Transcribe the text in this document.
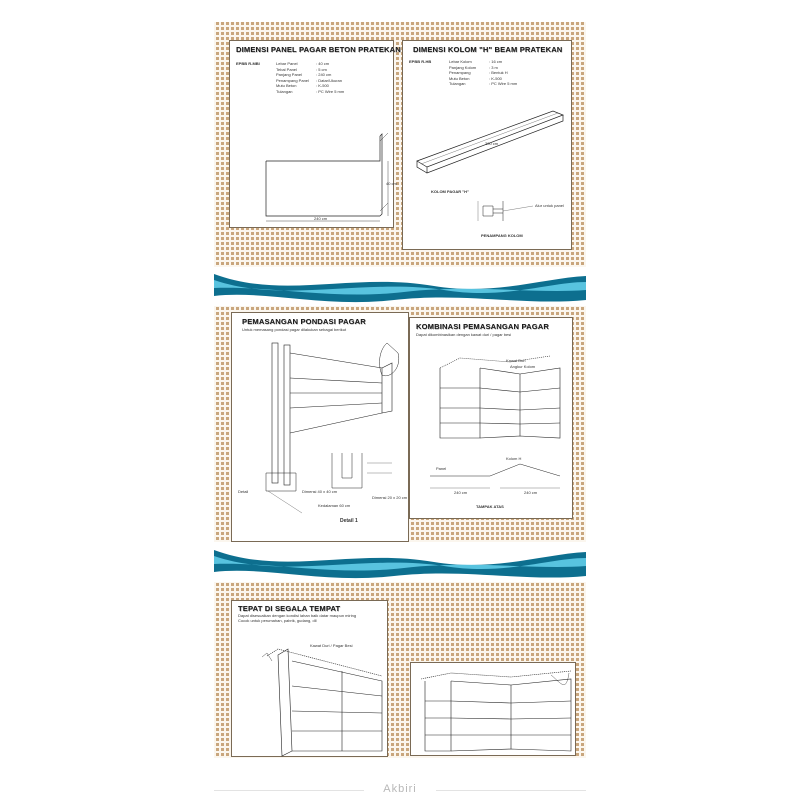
DIMENSI PANEL PAGAR BETON PRATEKAN
EPBB R-MBI	Lebar Panel	: 40 cm
Tebal Panel	: 5 cm
Panjang Panel	: 240 cm
Penampang Panel : Datar/Ukuran
Mutu Beton	: K-500
Tulangan	: PC Wire 5 mm
240 cm
40 cm
DIMENSI KOLOM "H" BEAM PRATEKAN
EPBB R-HB	Lebar Kolom	: 16 cm
Panjang Kolom	: 3 m
Penampang	: Bentuk H
Mutu Beton	: K-500
Tulangan	: PC Wire 5 mm
300 cm
KOLOM PAGAR "H"
Alur untuk panel
PENAMPANG KOLOM
PEMASANGAN PONDASI PAGAR
Untuk memasang pondasi pagar dilakukan sebagai berikut
Detail	Dimensi 40 x 40 cm
Kedalaman 60 cm
Dimensi 20 x 20 cm
Detail 1
KOMBINASI PEMASANGAN PAGAR
Dapat dikombinasikan dengan kawat duri / pagar besi
Kawat Duri
Angkur Kolom
Panel
Kolom H
240 cm	240 cm
TAMPAK ATAS
TEPAT DI SEGALA TEMPAT
Dapat disesuaikan dengan kondisi lahan baik datar maupun miring
Cocok untuk perumahan, pabrik, gudang, dll
Kawat Duri / Pagar Besi
Akbiri
